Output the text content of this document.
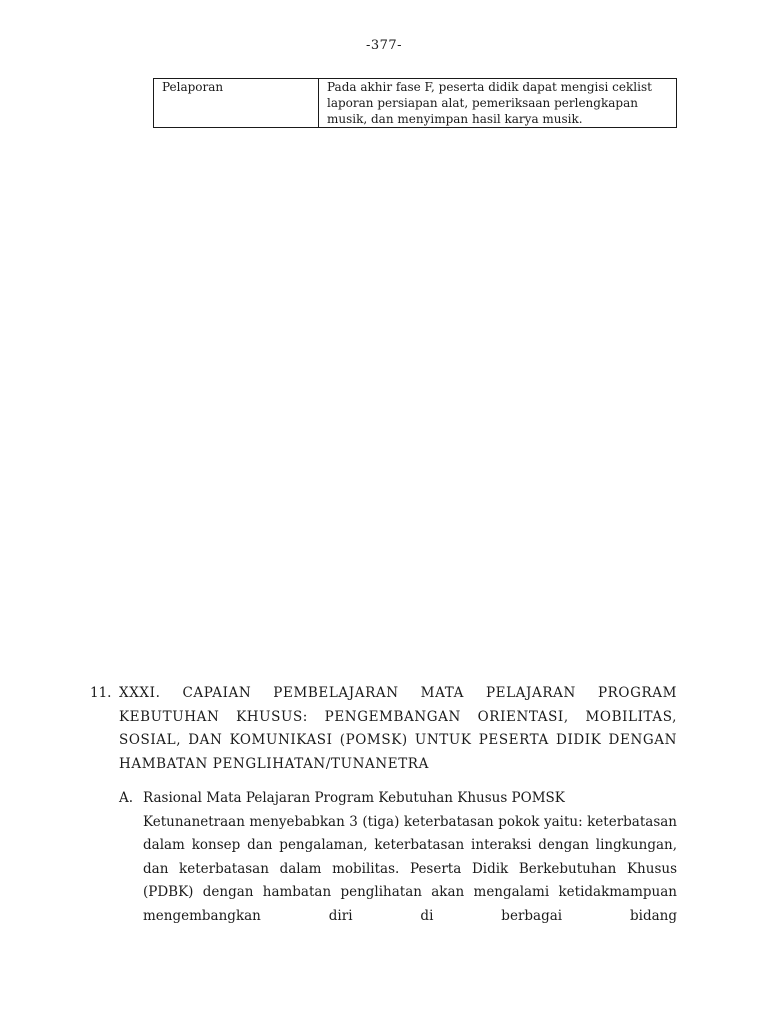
-377-
Pelaporan	Pada akhir fase F, peserta didik dapat mengisi ceklist laporan persiapan alat, pemeriksaan perlengkapan musik, dan menyimpan hasil karya musik.
11. XXXI. CAPAIAN PEMBELAJARAN MATA PELAJARAN PROGRAM KEBUTUHAN KHUSUS: PENGEMBANGAN ORIENTASI, MOBILITAS, SOSIAL, DAN KOMUNIKASI (POMSK) UNTUK PESERTA DIDIK DENGAN HAMBATAN PENGLIHATAN/TUNANETRA
A. Rasional Mata Pelajaran Program Kebutuhan Khusus POMSK
Ketunanetraan menyebabkan 3 (tiga) keterbatasan pokok yaitu: keterbatasan dalam konsep dan pengalaman, keterbatasan interaksi dengan lingkungan, dan keterbatasan dalam mobilitas. Peserta Didik Berkebutuhan Khusus (PDBK) dengan hambatan penglihatan akan mengalami ketidakmampuan mengembangkan diri di berbagai bidang
